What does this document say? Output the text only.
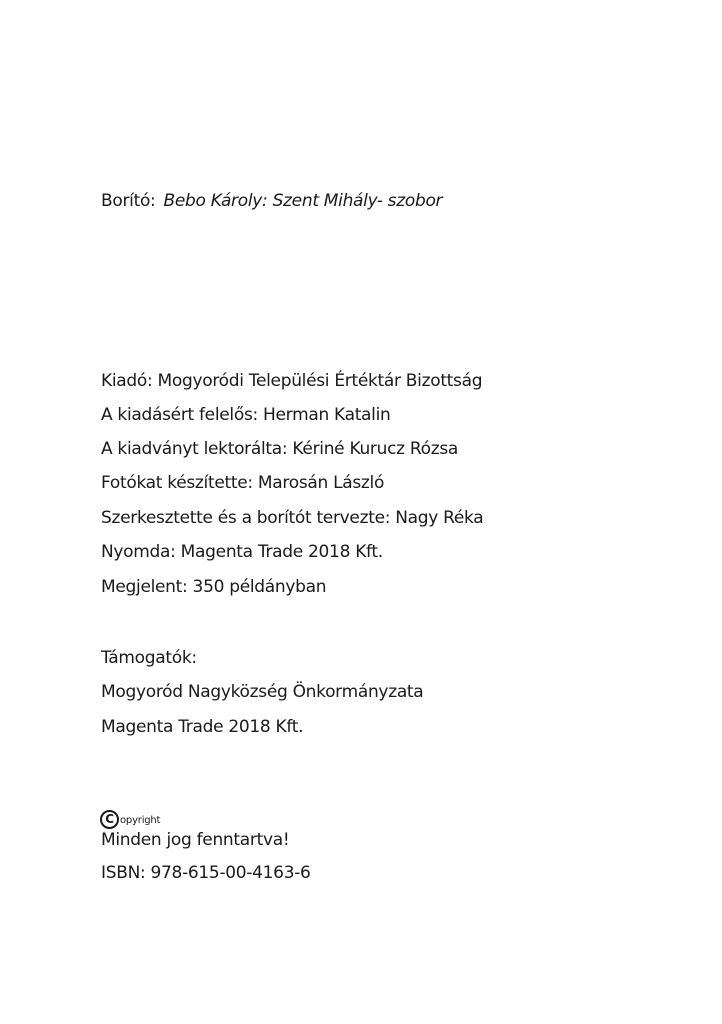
Borító: Bebo Károly: Szent Mihály- szobor
Kiadó: Mogyoródi Települési Értéktár Bizottság
A kiadásért felelős: Herman Katalin
A kiadványt lektorálta: Kériné Kurucz Rózsa
Fotókat készítette: Marosán László
Szerkesztette és a borítót tervezte: Nagy Réka
Nyomda: Magenta Trade 2018 Kft.
Megjelent: 350 példányban
Támogatók:
Mogyoród Nagyközség Önkormányzata
Magenta Trade 2018 Kft.
C opyright
Minden jog fenntartva!
ISBN: 978-615-00-4163-6
